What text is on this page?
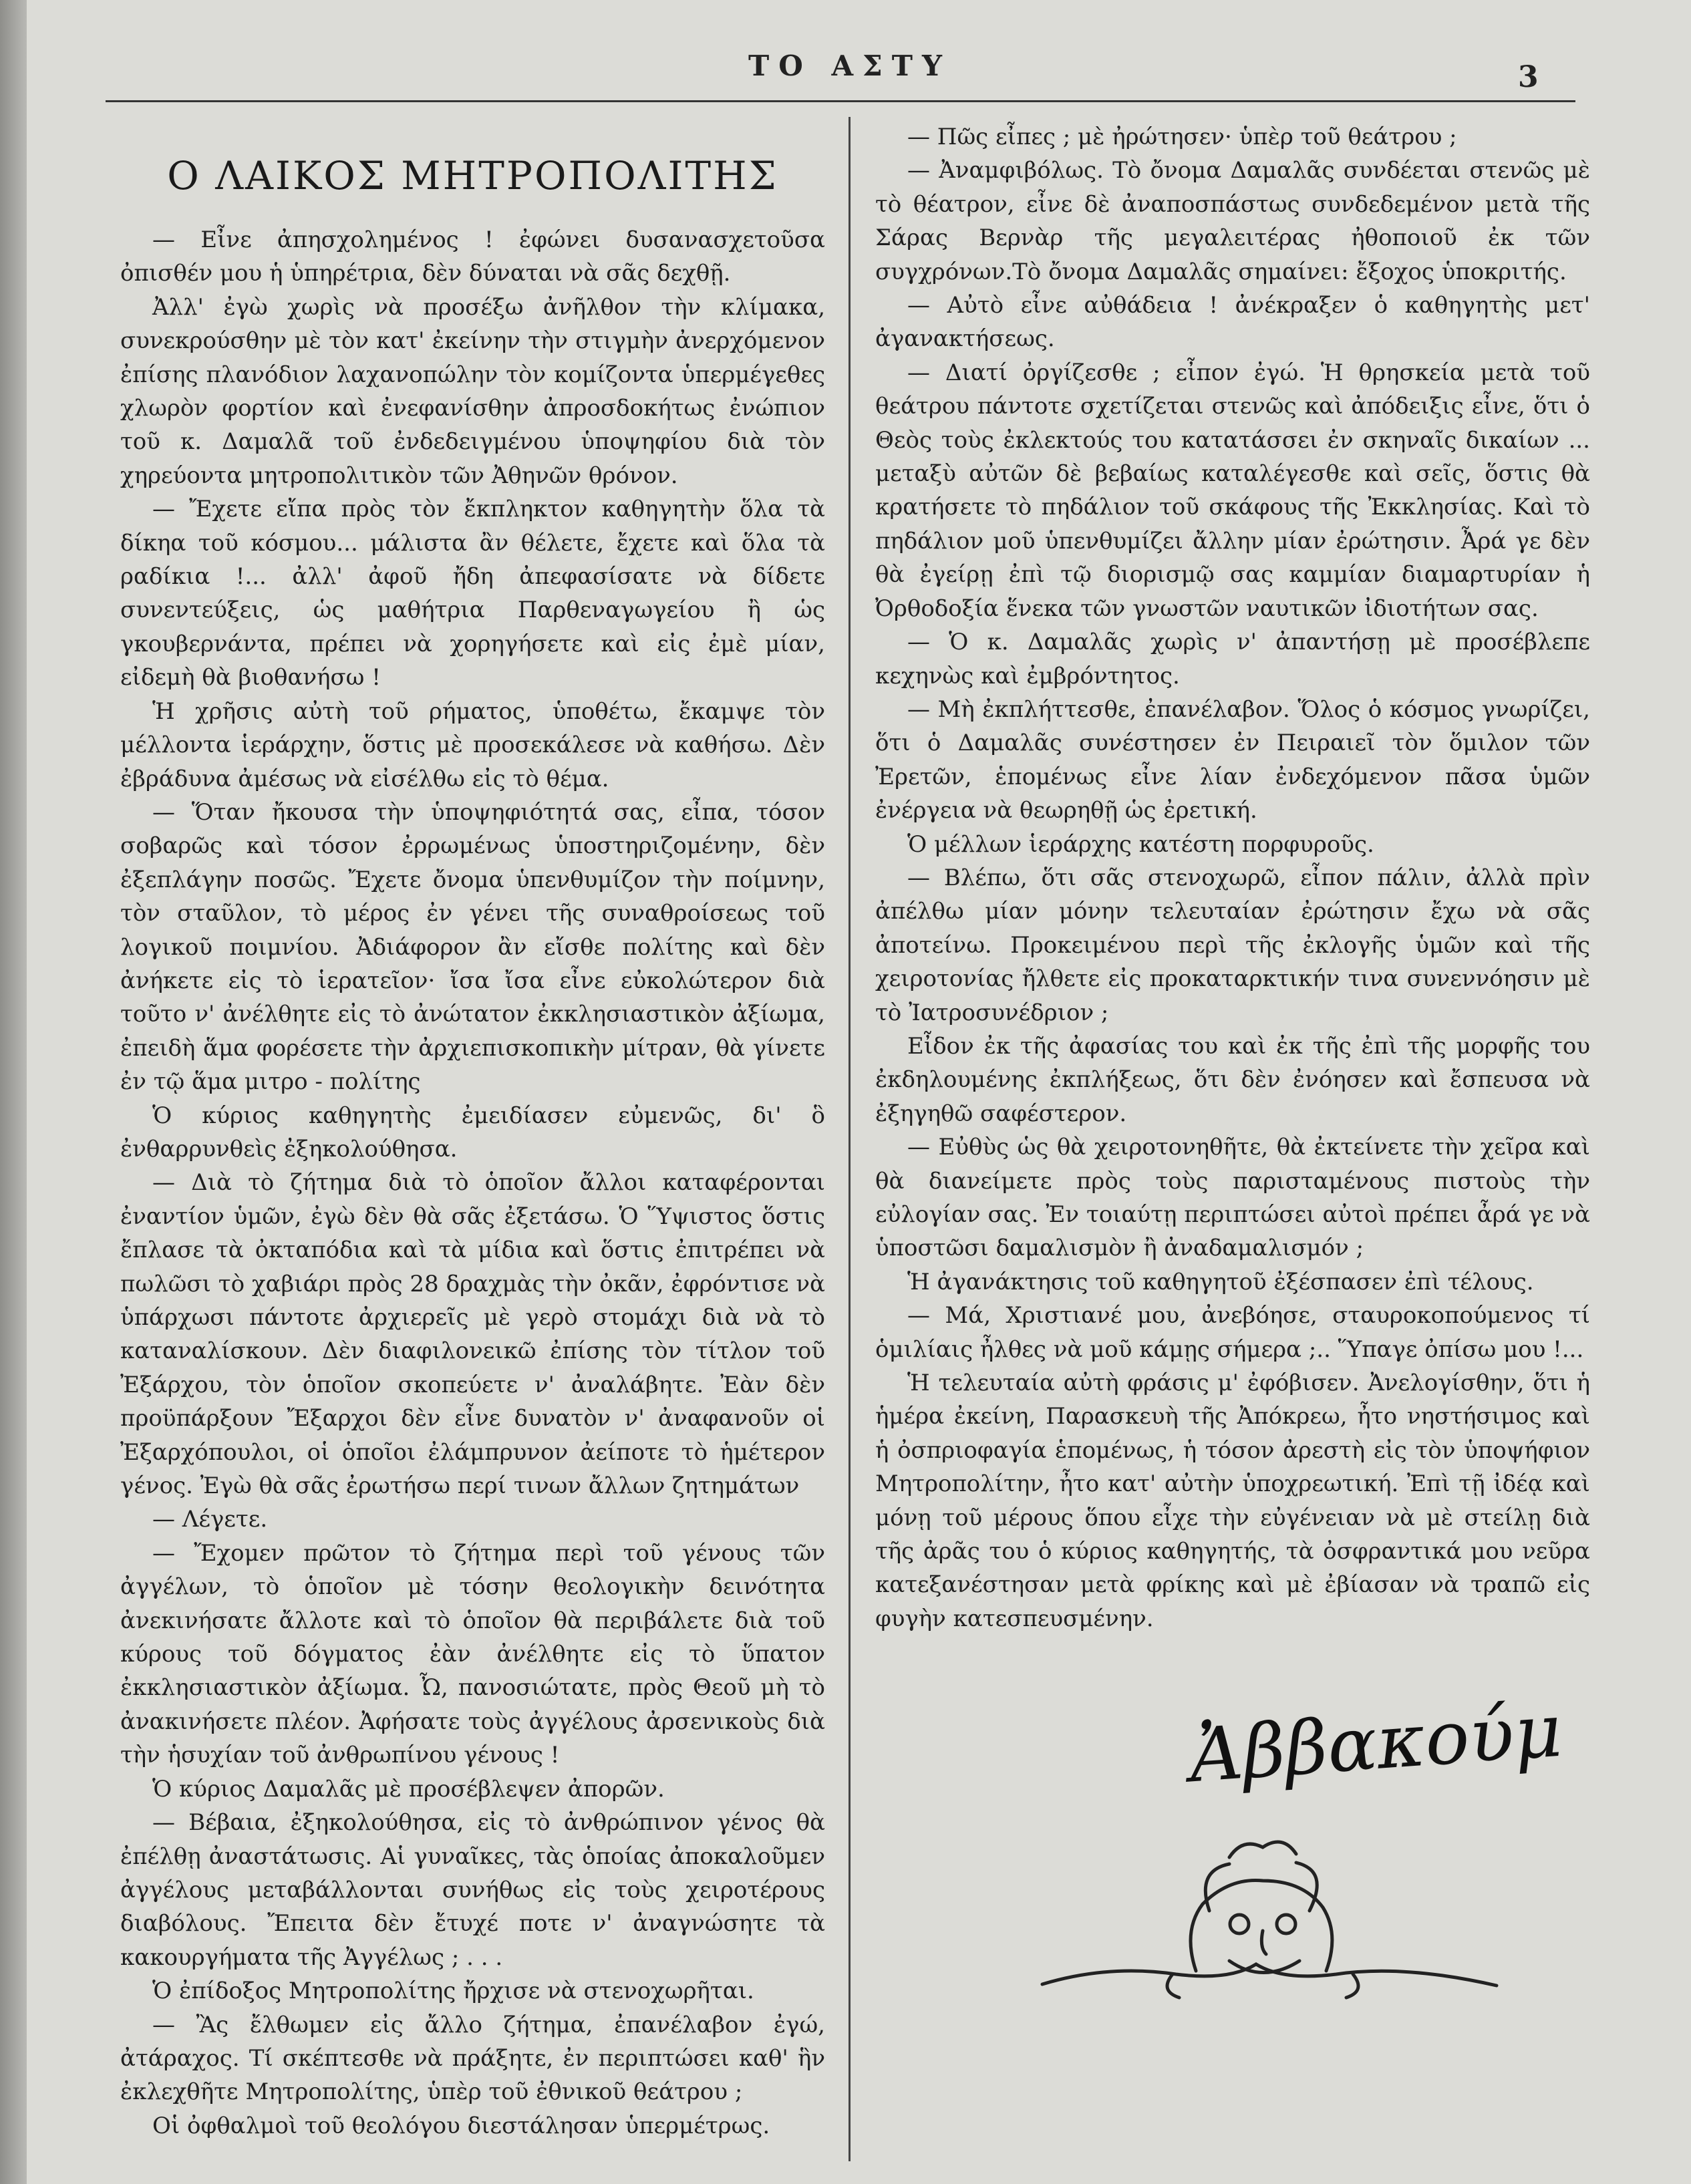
ΤΟ ΑΣΤΥ	3
Ο ΛΑΙΚΟΣ ΜΗΤΡΟΠΟΛΙΤΗΣ

— Εἶνε ἀπησχολημένος ! ἐφώνει δυσανασχετοῦσα ὀπισθέν μου ἡ ὑπηρέτρια, δὲν δύναται νὰ σᾶς δεχθῇ.

Ἀλλ' ἐγὼ χωρὶς νὰ προσέξω ἀνῆλθον τὴν κλίμακα, συνεκρούσθην μὲ τὸν κατ' ἐκείνην τὴν στιγμὴν ἀνερχόμενον ἐπίσης πλανόδιον λαχανοπώλην τὸν κομίζοντα ὑπερμέγεθες χλωρὸν φορτίον καὶ ἐνεφανίσθην ἀπροσδοκήτως ἐνώπιον τοῦ κ. Δαμαλᾶ τοῦ ἐνδεδειγμένου ὑποψηφίου διὰ τὸν χηρεύοντα μητροπολιτικὸν τῶν Ἀθηνῶν θρόνον.

— Ἔχετε εἴπα πρὸς τὸν ἔκπληκτον καθηγητὴν ὅλα τὰ δίκηα τοῦ κόσμου... μάλιστα ἂν θέλετε, ἔχετε καὶ ὅλα τὰ ραδίκια !... ἀλλ' ἀφοῦ ἤδη ἀπεφασίσατε νὰ δίδετε συνεντεύξεις, ὡς μαθήτρια Παρθεναγωγείου ἢ ὡς γκουβερνάντα, πρέπει νὰ χορηγήσετε καὶ εἰς ἐμὲ μίαν, εἰδεμὴ θὰ βιοθανήσω !

Ἡ χρῆσις αὐτὴ τοῦ ρήματος, ὑποθέτω, ἔκαμψε τὸν μέλλοντα ἱεράρχην, ὅστις μὲ προσεκάλεσε νὰ καθήσω. Δὲν ἐβράδυνα ἀμέσως νὰ εἰσέλθω εἰς τὸ θέμα.

— Ὅταν ἤκουσα τὴν ὑποψηφιότητά σας, εἶπα, τόσον σοβαρῶς καὶ τόσον ἐρρωμένως ὑποστηριζομένην, δὲν ἐξεπλάγην ποσῶς. Ἔχετε ὄνομα ὑπενθυμίζον τὴν ποίμνην, τὸν σταῦλον, τὸ μέρος ἐν γένει τῆς συναθροίσεως τοῦ λογικοῦ ποιμνίου. Ἀδιάφορον ἂν εἴσθε πολίτης καὶ δὲν ἀνήκετε εἰς τὸ ἱερατεῖον· ἴσα ἴσα εἶνε εὐκολώτερον διὰ τοῦτο ν' ἀνέλθητε εἰς τὸ ἀνώτατον ἐκκλησιαστικὸν ἀξίωμα, ἐπειδὴ ἅμα φορέσετε τὴν ἀρχιεπισκοπικὴν μίτραν, θὰ γίνετε ἐν τῷ ἅμα μιτρο - πολίτης

Ὁ κύριος καθηγητὴς ἐμειδίασεν εὐμενῶς, δι' ὃ ἐνθαρρυνθεὶς ἐξηκολούθησα.

— Διὰ τὸ ζήτημα διὰ τὸ ὁποῖον ἄλλοι καταφέρονται ἐναντίον ὑμῶν, ἐγὼ δὲν θὰ σᾶς ἐξετάσω. Ὁ Ὕψιστος ὅστις ἔπλασε τὰ ὀκταπόδια καὶ τὰ μίδια καὶ ὅστις ἐπιτρέπει νὰ πωλῶσι τὸ χαβιάρι πρὸς 28 δραχμὰς τὴν ὀκᾶν, ἐφρόντισε νὰ ὑπάρχωσι πάντοτε ἀρχιερεῖς μὲ γερὸ στομάχι διὰ νὰ τὸ καταναλίσκουν. Δὲν διαφιλονεικῶ ἐπίσης τὸν τίτλον τοῦ Ἐξάρχου, τὸν ὁποῖον σκοπεύετε ν' ἀναλάβητε. Ἐὰν δὲν προϋπάρξουν Ἔξαρχοι δὲν εἶνε δυνατὸν ν' ἀναφανοῦν οἱ Ἐξαρχόπουλοι, οἱ ὁποῖοι ἐλάμπρυνον ἀείποτε τὸ ἡμέτερον γένος. Ἐγὼ θὰ σᾶς ἐρωτήσω περί τινων ἄλλων ζητημάτων

— Λέγετε.

— Ἔχομεν πρῶτον τὸ ζήτημα περὶ τοῦ γένους τῶν ἀγγέλων, τὸ ὁποῖον μὲ τόσην θεολογικὴν δεινότητα ἀνεκινήσατε ἄλλοτε καὶ τὸ ὁποῖον θὰ περιβάλετε διὰ τοῦ κύρους τοῦ δόγματος ἐὰν ἀνέλθητε εἰς τὸ ὕπατον ἐκκλησιαστικὸν ἀξίωμα. Ὦ, πανοσιώτατε, πρὸς Θεοῦ μὴ τὸ ἀνακινήσετε πλέον. Ἀφήσατε τοὺς ἀγγέλους ἀρσενικοὺς διὰ τὴν ἡσυχίαν τοῦ ἀνθρωπίνου γένους !

Ὁ κύριος Δαμαλᾶς μὲ προσέβλεψεν ἀπορῶν.

— Βέβαια, ἐξηκολούθησα, εἰς τὸ ἀνθρώπινον γένος θὰ ἐπέλθῃ ἀναστάτωσις. Αἱ γυναῖκες, τὰς ὁποίας ἀποκαλοῦμεν ἀγγέλους μεταβάλλονται συνήθως εἰς τοὺς χειροτέρους διαβόλους. Ἔπειτα δὲν ἔτυχέ ποτε ν' ἀναγνώσητε τὰ κακουργήματα τῆς Ἀγγέλως ; . . .

Ὁ ἐπίδοξος Μητροπολίτης ἤρχισε νὰ στενοχωρῆται.

— Ἂς ἔλθωμεν εἰς ἄλλο ζήτημα, ἐπανέλαβον ἐγώ, ἀτάραχος. Τί σκέπτεσθε νὰ πράξητε, ἐν περιπτώσει καθ' ἣν ἐκλεχθῆτε Μητροπολίτης, ὑπὲρ τοῦ ἐθνικοῦ θεάτρου ;

Οἱ ὀφθαλμοὶ τοῦ θεολόγου διεστάλησαν ὑπερμέτρως.

— Πῶς εἶπες ; μὲ ἠρώτησεν· ὑπὲρ τοῦ θεάτρου ;

— Ἀναμφιβόλως. Τὸ ὄνομα Δαμαλᾶς συνδέεται στενῶς μὲ τὸ θέατρον, εἶνε δὲ ἀναποσπάστως συνδεδεμένον μετὰ τῆς Σάρας Βερνὰρ τῆς μεγαλειτέρας ἠθοποιοῦ ἐκ τῶν συγχρόνων.Τὸ ὄνομα Δαμαλᾶς σημαίνει: ἔξοχος ὑποκριτής.

— Αὐτὸ εἶνε αὐθάδεια ! ἀνέκραξεν ὁ καθηγητὴς μετ' ἀγανακτήσεως.

— Διατί ὀργίζεσθε ; εἶπον ἐγώ. Ἡ θρησκεία μετὰ τοῦ θεάτρου πάντοτε σχετίζεται στενῶς καὶ ἀπόδειξις εἶνε, ὅτι ὁ Θεὸς τοὺς ἐκλεκτούς του κατατάσσει ἐν σκηναῖς δικαίων ... μεταξὺ αὐτῶν δὲ βεβαίως καταλέγεσθε καὶ σεῖς, ὅστις θὰ κρατήσετε τὸ πηδάλιον τοῦ σκάφους τῆς Ἐκκλησίας. Καὶ τὸ πηδάλιον μοῦ ὑπενθυμίζει ἄλλην μίαν ἐρώτησιν. Ἆρά γε δὲν θὰ ἐγείρῃ ἐπὶ τῷ διορισμῷ σας καμμίαν διαμαρτυρίαν ἡ Ὀρθοδοξία ἕνεκα τῶν γνωστῶν ναυτικῶν ἰδιοτήτων σας.

— Ὁ κ. Δαμαλᾶς χωρὶς ν' ἀπαντήσῃ μὲ προσέβλεπε κεχηνὼς καὶ ἐμβρόντητος.

— Μὴ ἐκπλήττεσθε, ἐπανέλαβον. Ὅλος ὁ κόσμος γνωρίζει, ὅτι ὁ Δαμαλᾶς συνέστησεν ἐν Πειραιεῖ τὸν ὅμιλον τῶν Ἐρετῶν, ἑπομένως εἶνε λίαν ἐνδεχόμενον πᾶσα ὑμῶν ἐνέργεια νὰ θεωρηθῇ ὡς ἐρετική.

Ὁ μέλλων ἱεράρχης κατέστη πορφυροῦς.

— Βλέπω, ὅτι σᾶς στενοχωρῶ, εἶπον πάλιν, ἀλλὰ πρὶν ἀπέλθω μίαν μόνην τελευταίαν ἐρώτησιν ἔχω νὰ σᾶς ἀποτείνω. Προκειμένου περὶ τῆς ἐκλογῆς ὑμῶν καὶ τῆς χειροτονίας ἤλθετε εἰς προκαταρκτικήν τινα συνεννόησιν μὲ τὸ Ἰατροσυνέδριον ;

Εἶδον ἐκ τῆς ἀφασίας του καὶ ἐκ τῆς ἐπὶ τῆς μορφῆς του ἐκδηλουμένης ἐκπλήξεως, ὅτι δὲν ἐνόησεν καὶ ἔσπευσα νὰ ἐξηγηθῶ σαφέστερον.

— Εὐθὺς ὡς θὰ χειροτονηθῆτε, θὰ ἐκτείνετε τὴν χεῖρα καὶ θὰ διανείμετε πρὸς τοὺς παρισταμένους πιστοὺς τὴν εὐλογίαν σας. Ἐν τοιαύτῃ περιπτώσει αὐτοὶ πρέπει ἆρά γε νὰ ὑποστῶσι δαμαλισμὸν ἢ ἀναδαμαλισμόν ;

Ἡ ἀγανάκτησις τοῦ καθηγητοῦ ἐξέσπασεν ἐπὶ τέλους.

— Μά, Χριστιανέ μου, ἀνεβόησε, σταυροκοπούμενος τί ὁμιλίαις ἦλθες νὰ μοῦ κάμῃς σήμερα ;.. Ὕπαγε ὀπίσω μου !...

Ἡ τελευταία αὐτὴ φράσις μ' ἐφόβισεν. Ἀνελογίσθην, ὅτι ἡ ἡμέρα ἐκείνη, Παρασκευὴ τῆς Ἀπόκρεω, ἦτο νηστήσιμος καὶ ἡ ὀσπριοφαγία ἑπομένως, ἡ τόσον ἀρεστὴ εἰς τὸν ὑποψήφιον Μητροπολίτην, ἦτο κατ' αὐτὴν ὑποχρεωτική. Ἐπὶ τῇ ἰδέᾳ καὶ μόνῃ τοῦ μέρους ὅπου εἶχε τὴν εὐγένειαν νὰ μὲ στείλῃ διὰ τῆς ἀρᾶς του ὁ κύριος καθηγητής, τὰ ὀσφραντικά μου νεῦρα κατεξανέστησαν μετὰ φρίκης καὶ μὲ ἐβίασαν νὰ τραπῶ εἰς φυγὴν κατεσπευσμένην.

Ἀββακούμ
